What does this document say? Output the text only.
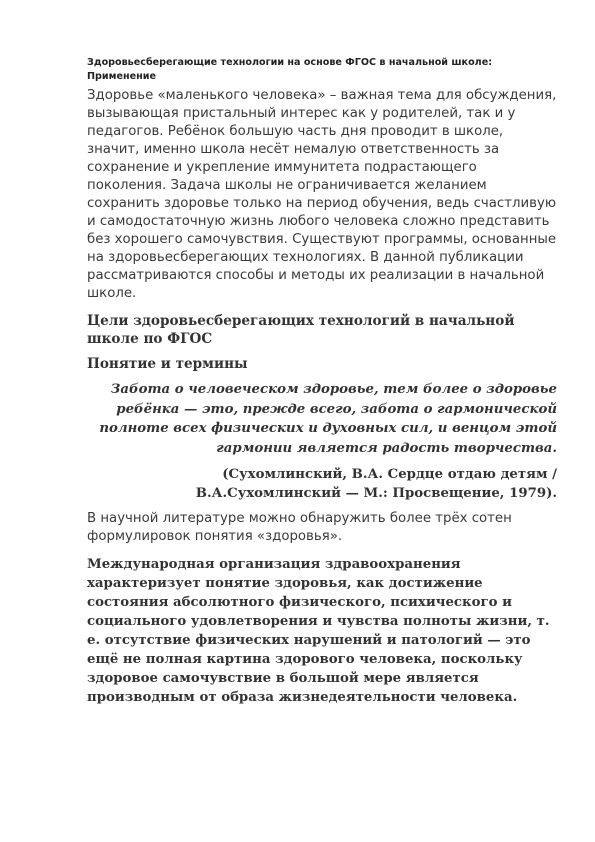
Здоровьесберегающие технологии на основе ФГОС в начальной школе: Применение

Здоровье «маленького человека» – важная тема для обсуждения, вызывающая пристальный интерес как у родителей, так и у педагогов. Ребёнок большую часть дня проводит в школе, значит, именно школа несёт немалую ответственность за сохранение и укрепление иммунитета подрастающего поколения. Задача школы не ограничивается желанием сохранить здоровье только на период обучения, ведь счастливую и самодостаточную жизнь любого человека сложно представить без хорошего самочувствия. Существуют программы, основанные на здоровьесберегающих технологиях. В данной публикации рассматриваются способы и методы их реализации в начальной школе.

Цели здоровьесберегающих технологий в начальной школе по ФГОС

Понятие и термины

Забота о человеческом здоровье, тем более о здоровье ребёнка — это, прежде всего, забота о гармонической полноте всех физических и духовных сил, и венцом этой гармонии является радость творчества.

(Сухомлинский, В.А. Сердце отдаю детям /
В.А.Сухомлинский — М.: Просвещение, 1979).

В научной литературе можно обнаружить более трёх сотен формулировок понятия «здоровья».

Международная организация здравоохранения характеризует понятие здоровья, как достижение состояния абсолютного физического, психического и социального удовлетворения и чувства полноты жизни, т. е. отсутствие физических нарушений и патологий — это ещё не полная картина здорового человека, поскольку здоровое самочувствие в большой мере является производным от образа жизнедеятельности человека.
